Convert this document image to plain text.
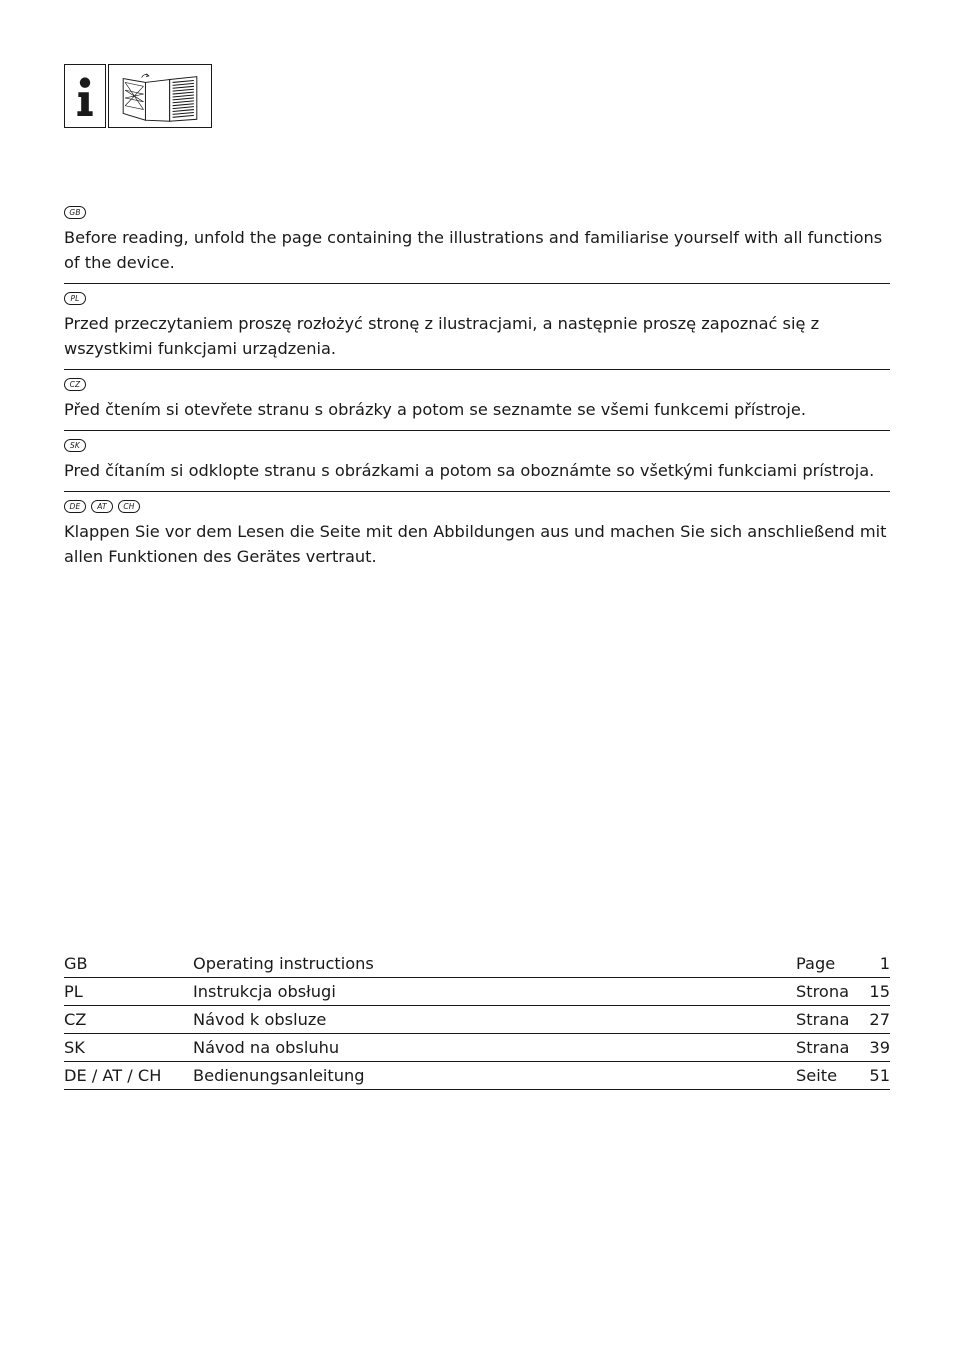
GB

Before reading, unfold the page containing the illustrations and familiarise yourself with all functions of the device.

PL

Przed przeczytaniem proszę rozłożyć stronę z ilustracjami, a następnie proszę zapoznać się z wszystkimi funkcjami urządzenia.

CZ

Před čtením si otevřete stranu s obrázky a potom se seznamte se všemi funkcemi přístroje.

SK

Pred čítaním si odklopte stranu s obrázkami a potom sa oboznámte so všetkými funkciami prístroja.

DE	AT	CH

Klappen Sie vor dem Lesen die Seite mit den Abbildungen aus und machen Sie sich anschließend mit allen Funktionen des Gerätes vertraut.

GB	Operating instructions	Page	1
PL	Instrukcja obsługi	Strona	15
CZ	Návod k obsluze	Strana	27
SK	Návod na obsluhu	Strana	39
DE / AT / CH	Bedienungsanleitung	Seite	51
